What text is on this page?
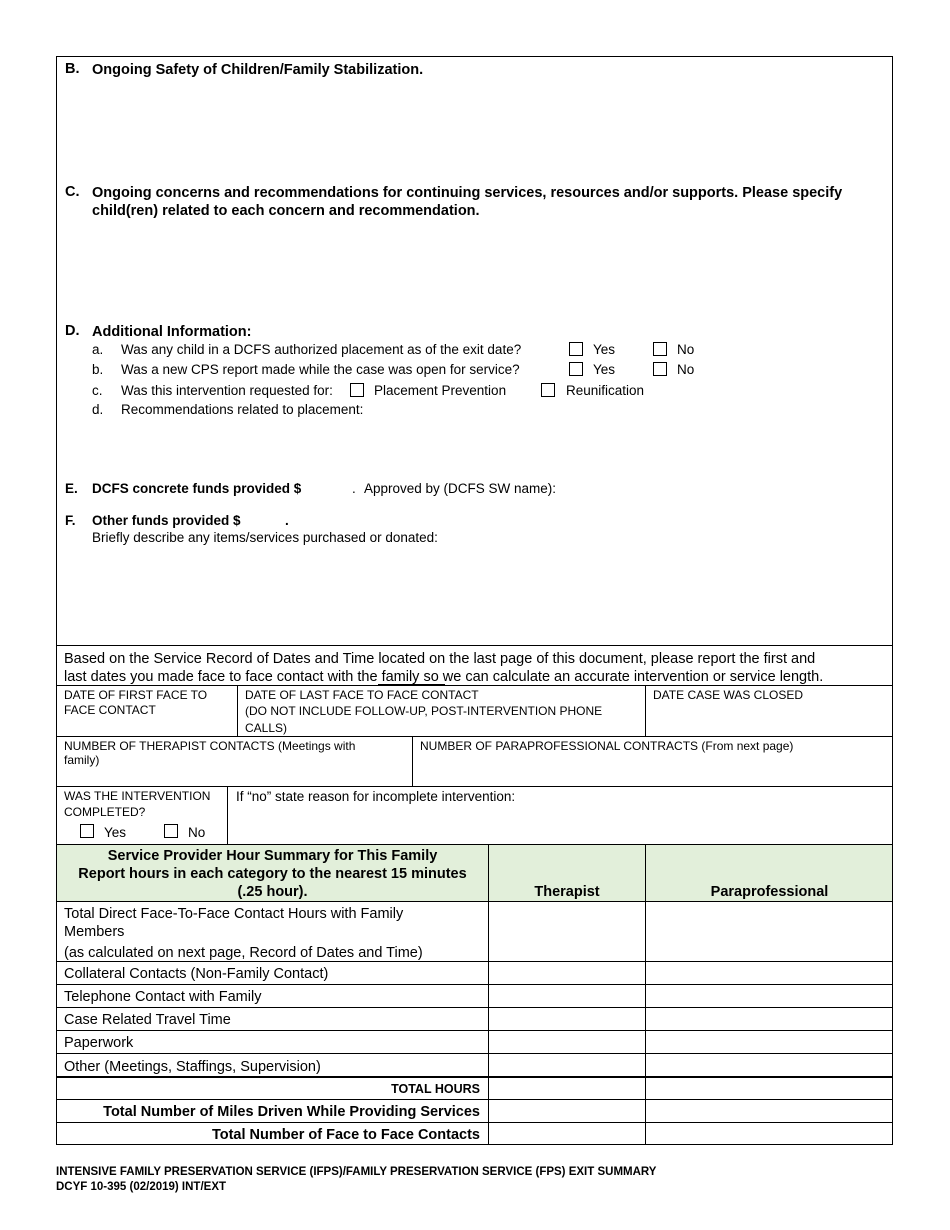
B. Ongoing Safety of Children/Family Stabilization.
C. Ongoing concerns and recommendations for continuing services, resources and/or supports. Please specify child(ren) related to each concern and recommendation.
D. Additional Information:
a. Was any child in a DCFS authorized placement as of the exit date?	Yes	No
b. Was a new CPS report made while the case was open for service?	Yes	No
c. Was this intervention requested for:	Placement Prevention	Reunification
d. Recommendations related to placement:
E. DCFS concrete funds provided $	. Approved by (DCFS SW name):
F. Other funds provided $	.
Briefly describe any items/services purchased or donated:
Based on the Service Record of Dates and Time located on the last page of this document, please report the first and
last dates you made face to face contact with the family so we can calculate an accurate intervention or service length.
DATE OF FIRST FACE TO
FACE CONTACT
DATE OF LAST FACE TO FACE CONTACT
(DO NOT INCLUDE FOLLOW-UP, POST-INTERVENTION PHONE
CALLS)
DATE CASE WAS CLOSED
NUMBER OF THERAPIST CONTACTS (Meetings with
family)
NUMBER OF PARAPROFESSIONAL CONTRACTS (From next page)
WAS THE INTERVENTION
COMPLETED?
Yes	No
If “no” state reason for incomplete intervention:
Service Provider Hour Summary for This Family
Report hours in each category to the nearest 15 minutes
(.25 hour).	Therapist	Paraprofessional
Total Direct Face-To-Face Contact Hours with Family
Members
(as calculated on next page, Record of Dates and Time)
Collateral Contacts (Non-Family Contact)
Telephone Contact with Family
Case Related Travel Time
Paperwork
Other (Meetings, Staffings, Supervision)
TOTAL HOURS
Total Number of Miles Driven While Providing Services
Total Number of Face to Face Contacts
INTENSIVE FAMILY PRESERVATION SERVICE (IFPS)/FAMILY PRESERVATION SERVICE (FPS) EXIT SUMMARY
DCYF 10-395 (02/2019) INT/EXT
